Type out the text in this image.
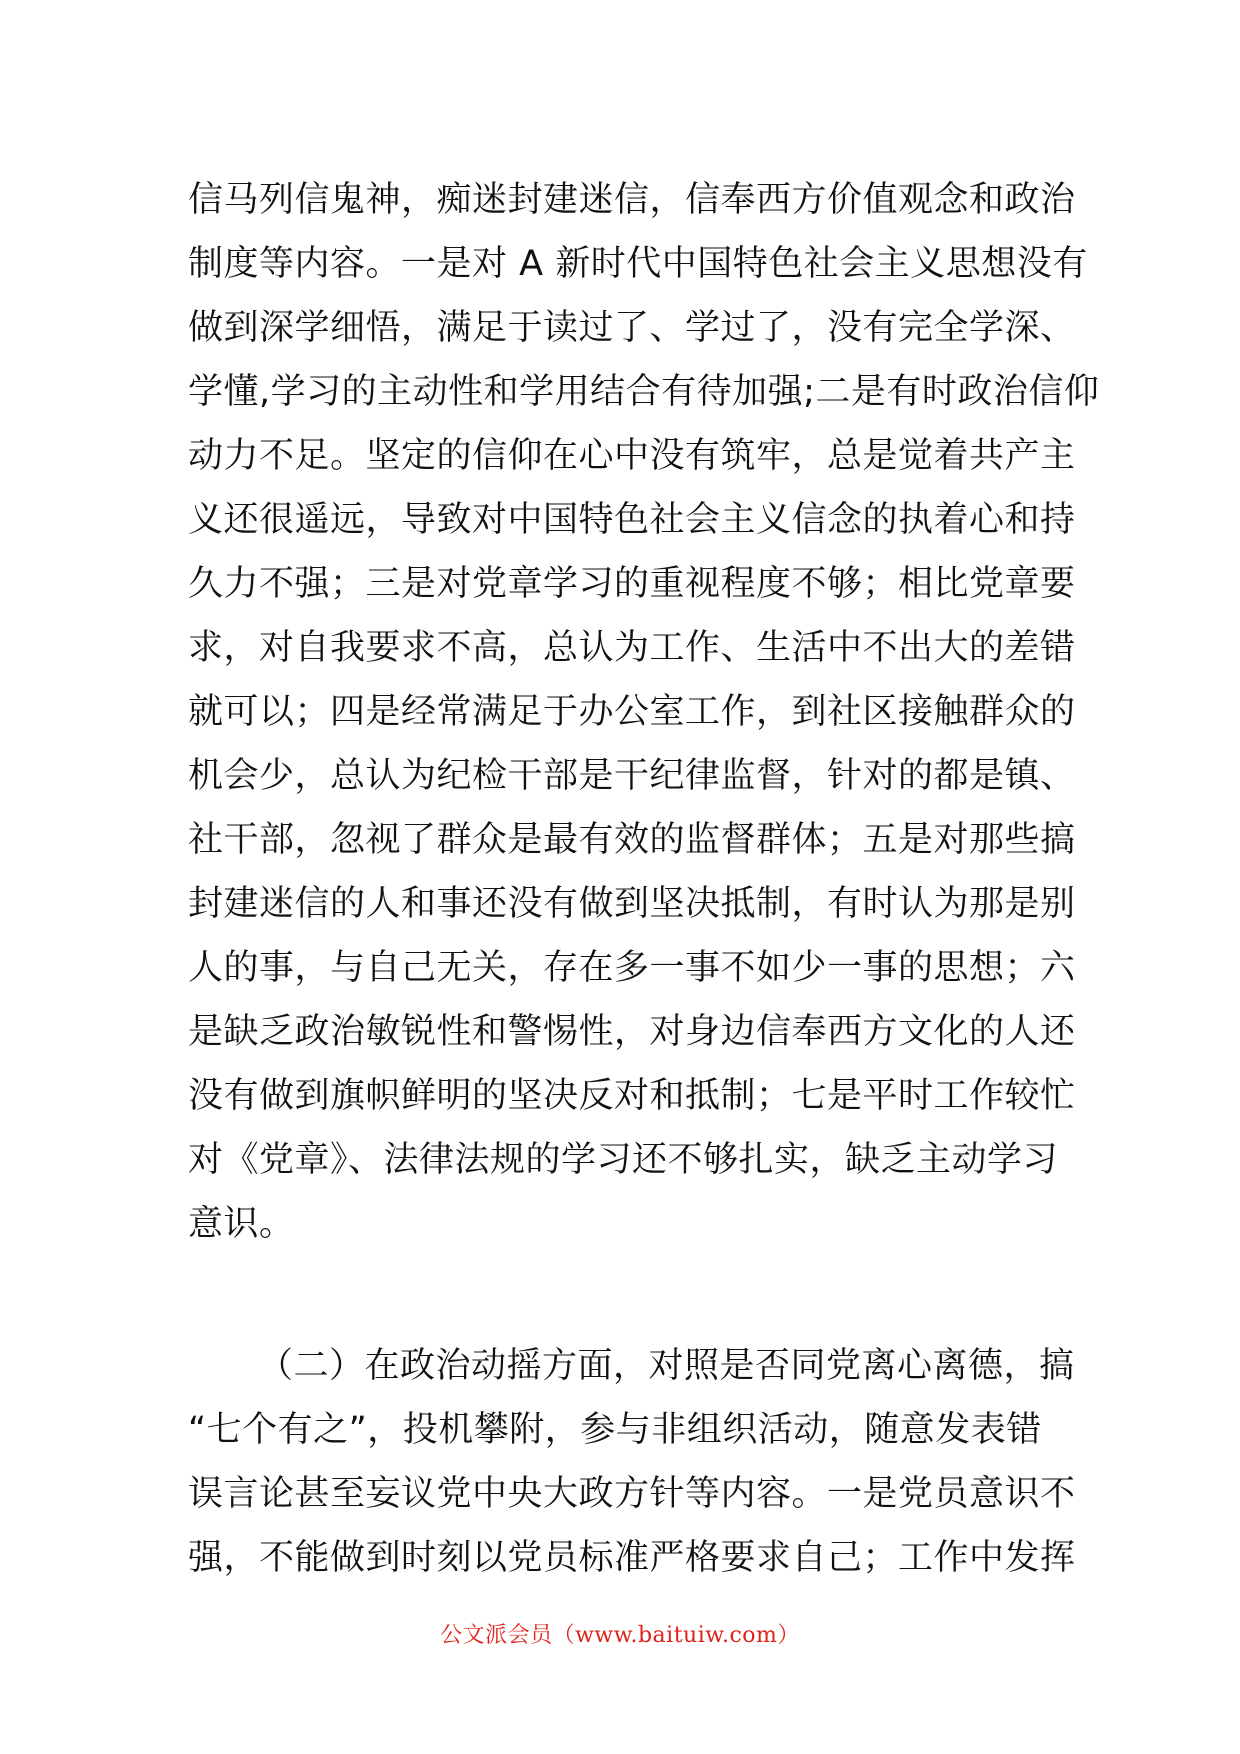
信马列信鬼神，痴迷封建迷信，信奉西方价值观念和政治
制度等内容。一是对 A 新时代中国特色社会主义思想没有
做到深学细悟，满足于读过了、学过了，没有完全学深、
学懂,学习的主动性和学用结合有待加强;二是有时政治信仰
动力不足。坚定的信仰在心中没有筑牢，总是觉着共产主
义还很遥远，导致对中国特色社会主义信念的执着心和持
久力不强；三是对党章学习的重视程度不够；相比党章要
求，对自我要求不高，总认为工作、生活中不出大的差错
就可以；四是经常满足于办公室工作，到社区接触群众的
机会少，总认为纪检干部是干纪律监督，针对的都是镇、
社干部，忽视了群众是最有效的监督群体；五是对那些搞
封建迷信的人和事还没有做到坚决抵制，有时认为那是别
人的事，与自己无关，存在多一事不如少一事的思想；六
是缺乏政治敏锐性和警惕性，对身边信奉西方文化的人还
没有做到旗帜鲜明的坚决反对和抵制；七是平时工作较忙
对《党章》、法律法规的学习还不够扎实，缺乏主动学习
意识。
（二）在政治动摇方面，对照是否同党离心离德，搞
“七个有之”，投机攀附，参与非组织活动，随意发表错
误言论甚至妄议党中央大政方针等内容。一是党员意识不
强，不能做到时刻以党员标准严格要求自己；工作中发挥
公文派会员（www.baituiw.com）
